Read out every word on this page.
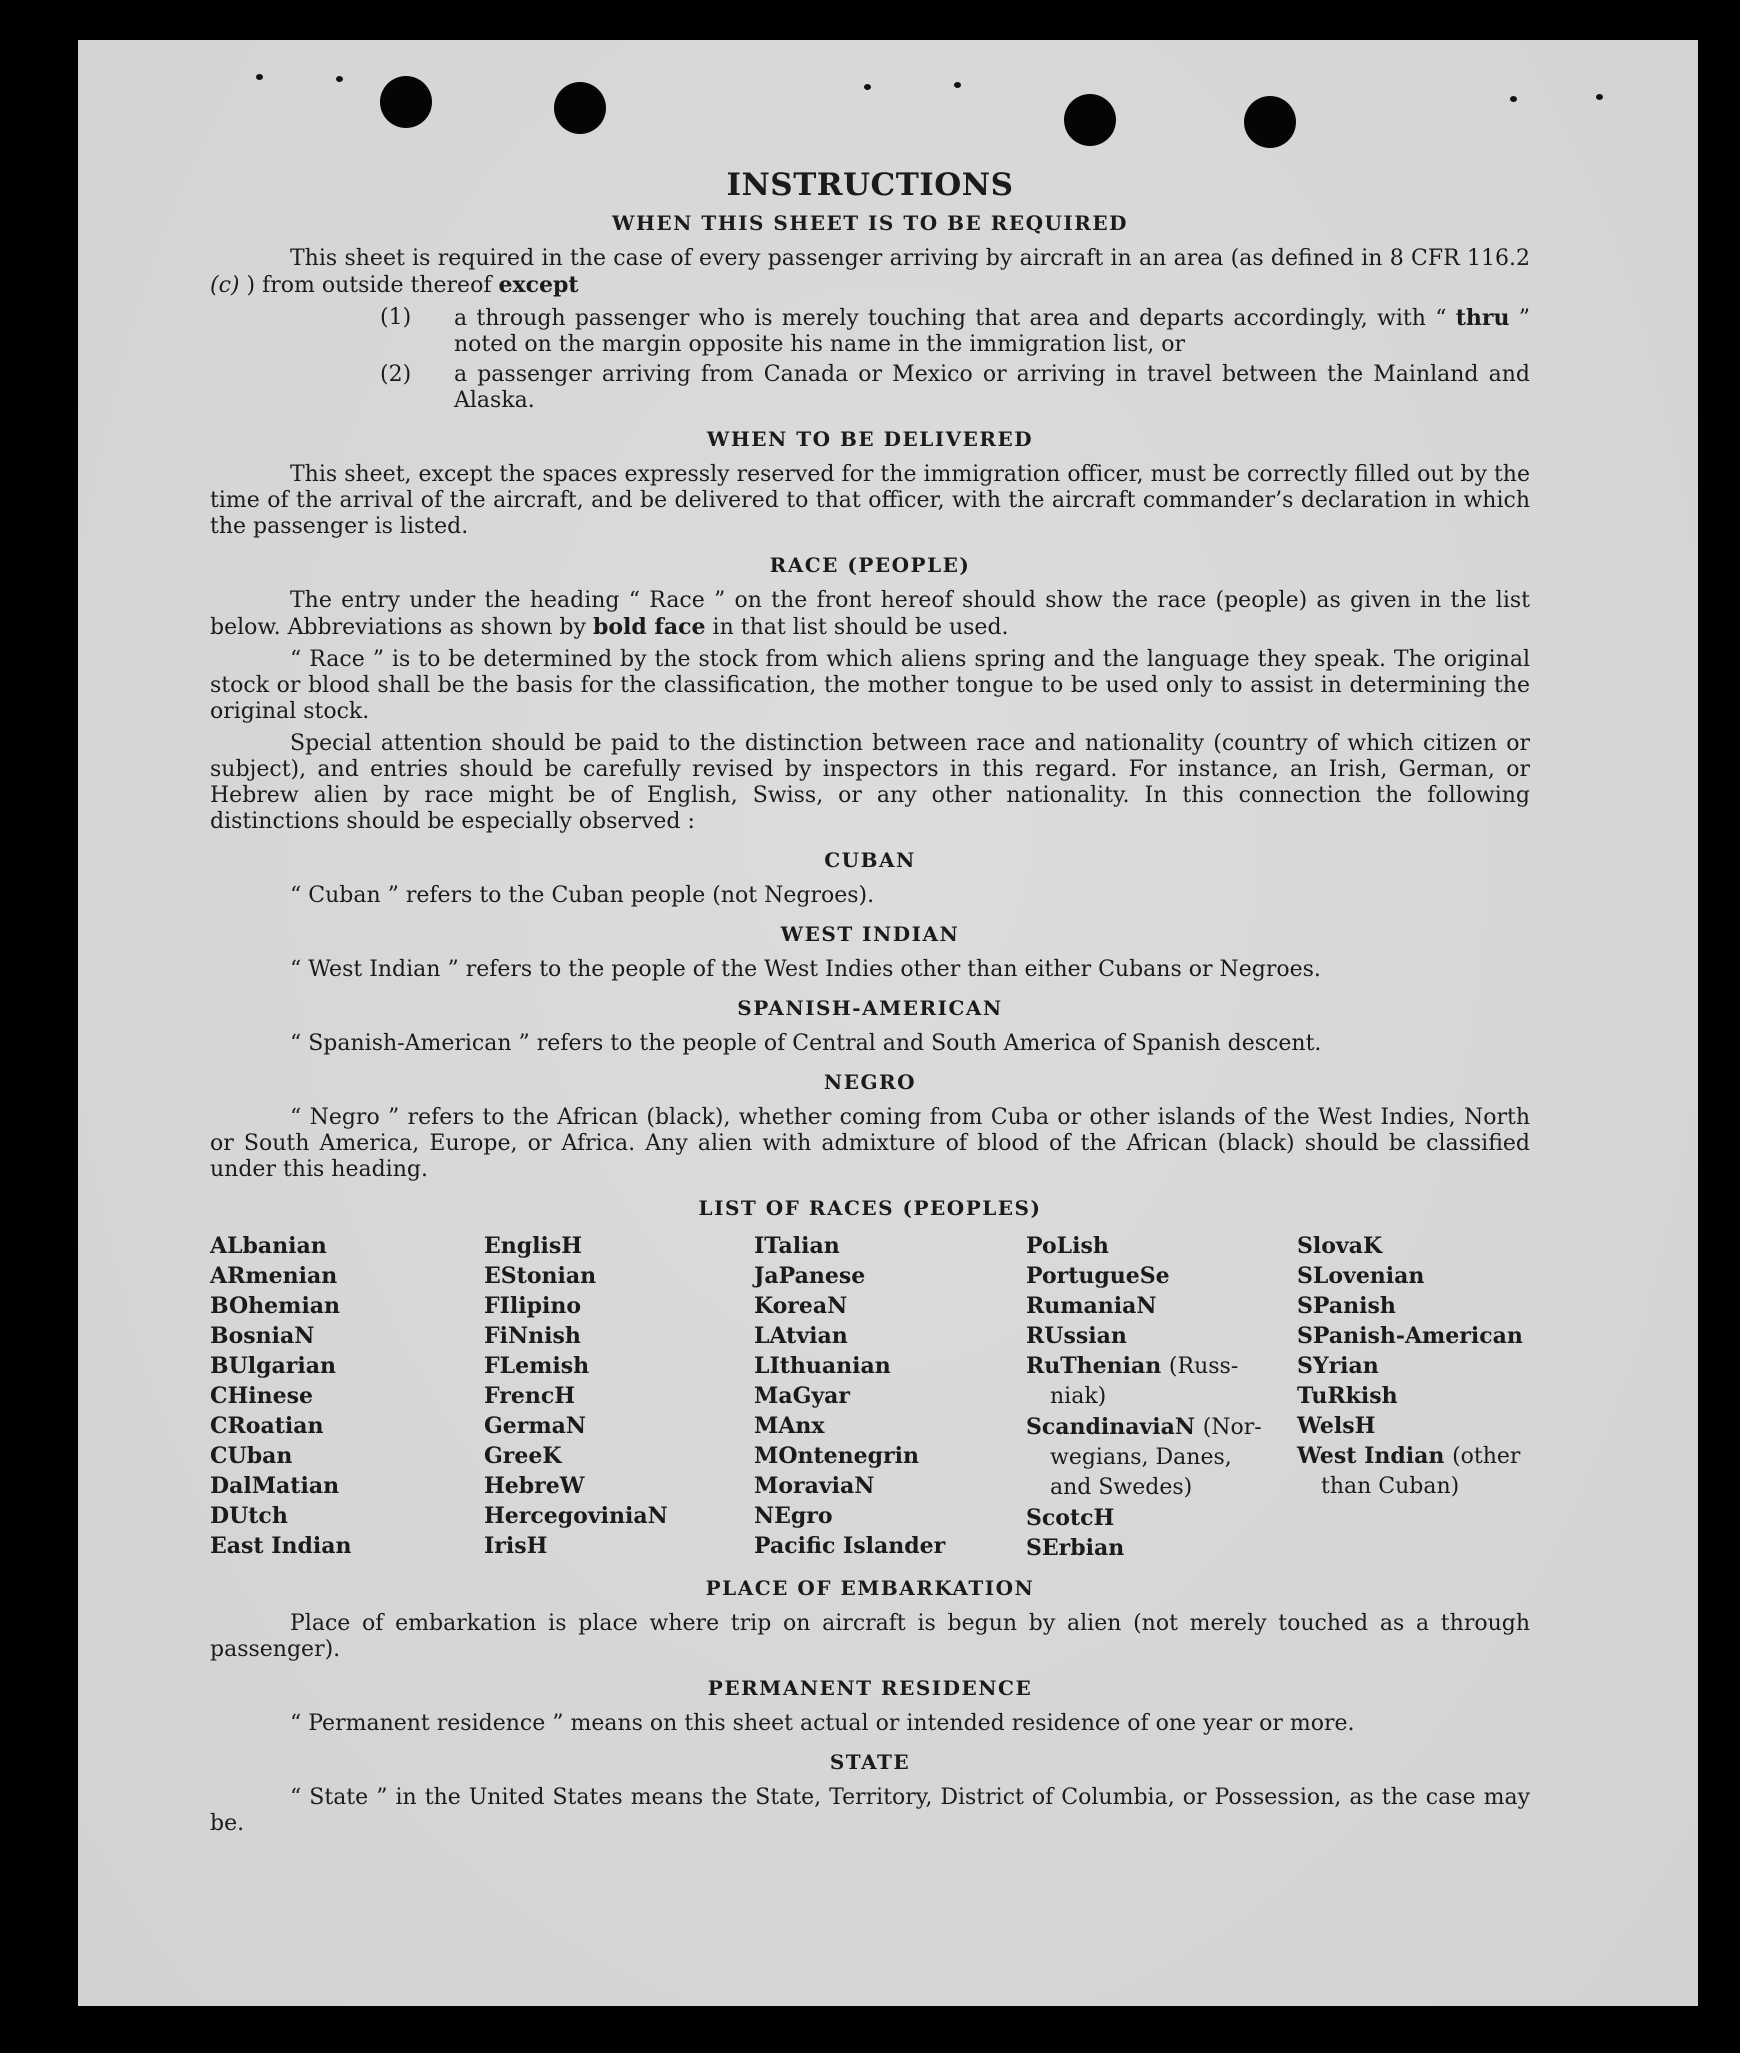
INSTRUCTIONS
WHEN THIS SHEET IS TO BE REQUIRED

This sheet is required in the case of every passenger arriving by aircraft in an area (as defined in 8 CFR 116.2 (c) ) from outside thereof except

(1)	a through passenger who is merely touching that area and departs accordingly, with “ thru ” noted on the margin opposite his name in the immigration list, or

(2)	a passenger arriving from Canada or Mexico or arriving in travel between the Mainland and Alaska.

WHEN TO BE DELIVERED

This sheet, except the spaces expressly reserved for the immigration officer, must be correctly filled out by the time of the arrival of the aircraft, and be delivered to that officer, with the aircraft commander’s declaration in which the passenger is listed.

RACE (PEOPLE)

The entry under the heading “ Race ” on the front hereof should show the race (people) as given in the list below. Abbreviations as shown by bold face in that list should be used.

“ Race ” is to be determined by the stock from which aliens spring and the language they speak. The original stock or blood shall be the basis for the classification, the mother tongue to be used only to assist in determining the original stock.

Special attention should be paid to the distinction between race and nationality (country of which citizen or subject), and entries should be carefully revised by inspectors in this regard. For instance, an Irish, German, or Hebrew alien by race might be of English, Swiss, or any other nationality. In this connection the following distinctions should be especially observed :

CUBAN

“ Cuban ” refers to the Cuban people (not Negroes).

WEST INDIAN

“ West Indian ” refers to the people of the West Indies other than either Cubans or Negroes.

SPANISH-AMERICAN

“ Spanish-American ” refers to the people of Central and South America of Spanish descent.

NEGRO

“ Negro ” refers to the African (black), whether coming from Cuba or other islands of the West Indies, North or South America, Europe, or Africa. Any alien with admixture of blood of the African (black) should be classified under this heading.

LIST OF RACES (PEOPLES)
ALbanian
ARmenian
BOhemian
BosniaN
BUlgarian
CHinese
CRoatian
CUban
DalMatian
DUtch
East Indian
EnglisH
EStonian
FIlipino
FiNnish
FLemish
FrencH
GermaN
GreeK
HebreW
HercegoviniaN
IrisH
ITalian
JaPanese
KoreaN
LAtvian
LIthuanian
MaGyar
MAnx
MOntenegrin
MoraviaN
NEgro
Pacific Islander
PoLish
PortugueSe
RumaniaN
RUssian
RuThenian (Russ-
niak)
ScandinaviaN (Nor-
wegians, Danes,
and Swedes)
ScotcH
SErbian
SlovaK
SLovenian
SPanish
SPanish-American
SYrian
TuRkish
WelsH
West Indian (other
than Cuban)
PLACE OF EMBARKATION

Place of embarkation is place where trip on aircraft is begun by alien (not merely touched as a through passenger).

PERMANENT RESIDENCE

“ Permanent residence ” means on this sheet actual or intended residence of one year or more.

STATE

“ State ” in the United States means the State, Territory, District of Columbia, or Possession, as the case may be.
